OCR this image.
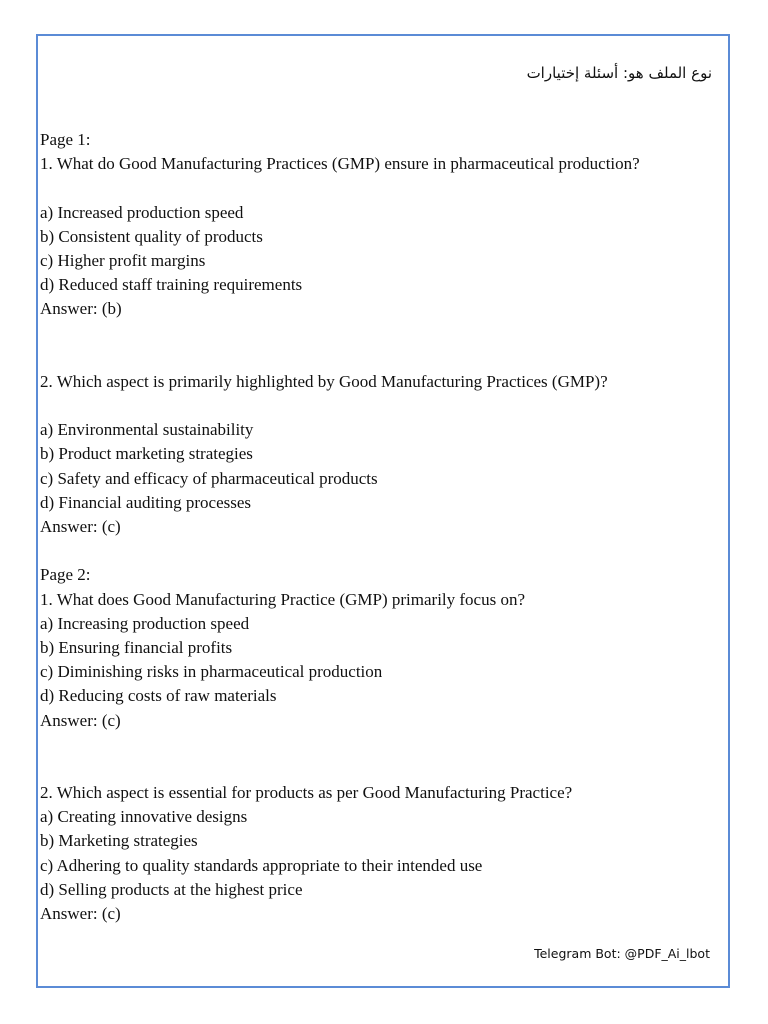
نوع الملف هو: أسئلة إختيارات
Page 1:
1. What do Good Manufacturing Practices (GMP) ensure in pharmaceutical production?
a) Increased production speed
b) Consistent quality of products
c) Higher profit margins
d) Reduced staff training requirements
Answer: (b)
2. Which aspect is primarily highlighted by Good Manufacturing Practices (GMP)?
a) Environmental sustainability
b) Product marketing strategies
c) Safety and efficacy of pharmaceutical products
d) Financial auditing processes
Answer: (c)
Page 2:
1. What does Good Manufacturing Practice (GMP) primarily focus on?
a) Increasing production speed
b) Ensuring financial profits
c) Diminishing risks in pharmaceutical production
d) Reducing costs of raw materials
Answer: (c)
2. Which aspect is essential for products as per Good Manufacturing Practice?
a) Creating innovative designs
b) Marketing strategies
c) Adhering to quality standards appropriate to their intended use
d) Selling products at the highest price
Answer: (c)
Telegram Bot: @PDF_Ai_lbot
